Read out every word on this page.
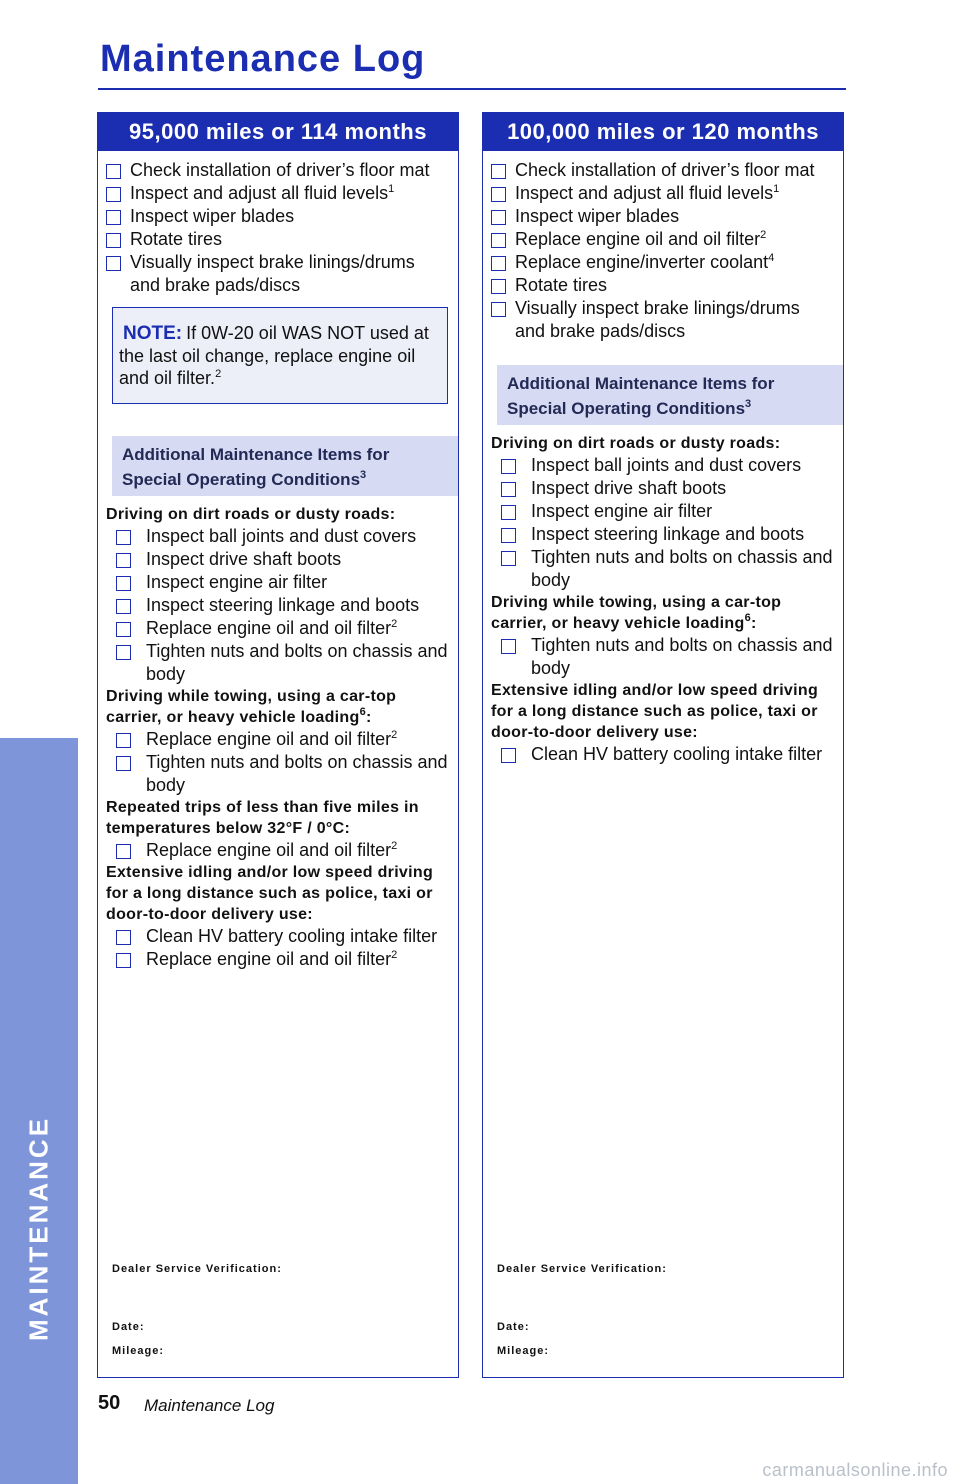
MAINTENANCE
Maintenance Log
95,000 miles or 114 months
Check installation of driver’s floor mat
Inspect and adjust all fluid levels$^1$
Inspect wiper blades
Rotate tires
Visually inspect brake linings/drums and brake pads/discs
NOTE: If 0W-20 oil WAS NOT used at the last oil change, replace engine oil and oil filter.$^2$
Additional Maintenance Items for Special Operating Conditions$^3$
Driving on dirt roads or dusty roads:
Inspect ball joints and dust covers
Inspect drive shaft boots
Inspect engine air filter
Inspect steering linkage and boots
Replace engine oil and oil filter$^2$
Tighten nuts and bolts on chassis and body
Driving while towing, using a car-top carrier, or heavy vehicle loading$^6$:
Replace engine oil and oil filter$^2$
Tighten nuts and bolts on chassis and body
Repeated trips of less than five miles in temperatures below 32°F / 0°C:
Replace engine oil and oil filter$^2$
Extensive idling and/or low speed driving for a long distance such as police, taxi or door-to-door delivery use:
Clean HV battery cooling intake filter
Replace engine oil and oil filter$^2$
Dealer Service Verification:
Date:
Mileage:
100,000 miles or 120 months
Check installation of driver’s floor mat
Inspect and adjust all fluid levels$^1$
Inspect wiper blades
Replace engine oil and oil filter$^2$
Replace engine/inverter coolant$^4$
Rotate tires
Visually inspect brake linings/drums and brake pads/discs
Additional Maintenance Items for Special Operating Conditions$^3$
Driving on dirt roads or dusty roads:
Inspect ball joints and dust covers
Inspect drive shaft boots
Inspect engine air filter
Inspect steering linkage and boots
Tighten nuts and bolts on chassis and body
Driving while towing, using a car-top carrier, or heavy vehicle loading$^6$:
Tighten nuts and bolts on chassis and body
Extensive idling and/or low speed driving for a long distance such as police, taxi or door-to-door delivery use:
Clean HV battery cooling intake filter
Dealer Service Verification:
Date:
Mileage:
50 Maintenance Log
carmanualsonline.info
